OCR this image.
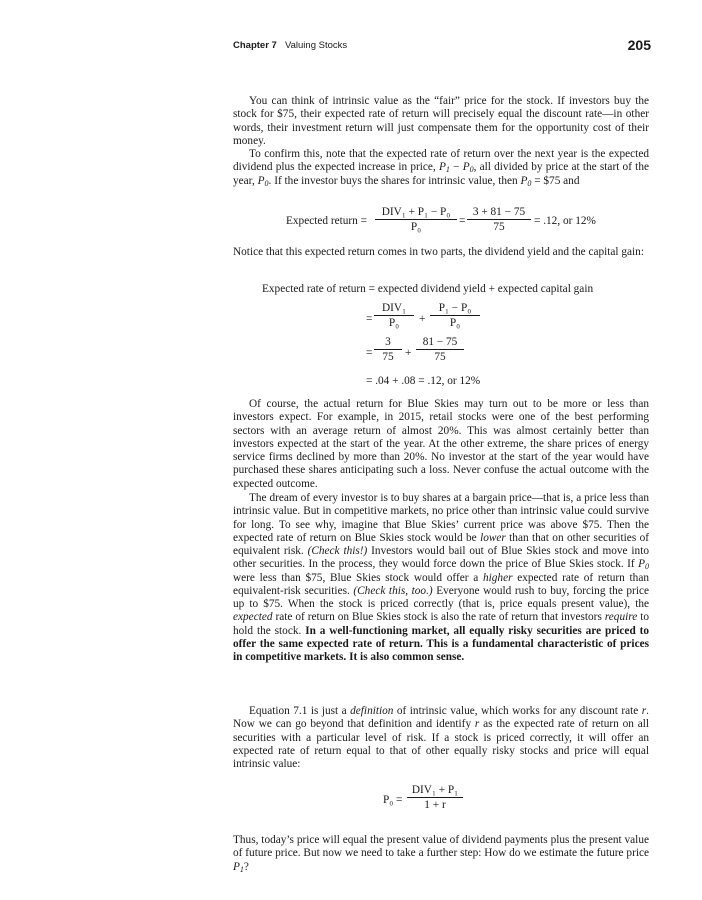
Chapter 7 Valuing Stocks	205

You can think of intrinsic value as the “fair” price for the stock. If investors buy the stock for $75, their expected rate of return will precisely equal the discount rate—in other words, their investment return will just compensate them for the opportunity cost of their money.

To confirm this, note that the expected rate of return over the next year is the expected dividend plus the expected increase in price, $P_1 - P_0$, all divided by price at the start of the year, $P_0$. If the investor buys the shares for intrinsic value, then $P_0$ = $75 and

Expected return =
DIV₁ + P₁ − P₀
P₀	= $\frac{3 + 81 - 75}{75} = .12$, or 12%

Notice that this expected return comes in two parts, the dividend yield and the capital gain:

Expected rate of return = expected dividend yield + expected capital gain
=
DIV₁
P₀	+ $\frac{\text{P₁ − P₀}}{\text{P₀}}$
= $\frac{3}{75} + \frac{81 - 75}{75}$
= .04 + .08 = .12, or 12%

Of course, the actual return for Blue Skies may turn out to be more or less than investors expect. For example, in 2015, retail stocks were one of the best performing sectors with an average return of almost 20%. This was almost certainly better than investors expected at the start of the year. At the other extreme, the share prices of energy service firms declined by more than 20%. No investor at the start of the year would have purchased these shares anticipating such a loss. Never confuse the actual outcome with the expected outcome.

The dream of every investor is to buy shares at a bargain price—that is, a price less than intrinsic value. But in competitive markets, no price other than intrinsic value could survive for long. To see why, imagine that Blue Skies’ current price was above $75. Then the expected rate of return on Blue Skies stock would be lower than that on other securities of equivalent risk. (Check this!) Investors would bail out of Blue Skies stock and move into other securities. In the process, they would force down the price of Blue Skies stock. If $P_0$ were less than $75, Blue Skies stock would offer a higher expected rate of return than equivalent-risk securities. (Check this, too.) Everyone would rush to buy, forcing the price up to $75. When the stock is priced correctly (that is, price equals present value), the expected rate of return on Blue Skies stock is also the rate of return that investors require to hold the stock. In a well-functioning market, all equally risky securities are priced to offer the same expected rate of return. This is a fundamental characteristic of prices in competitive markets. It is also common sense.

Equation 7.1 is just a definition of intrinsic value, which works for any discount rate r. Now we can go beyond that definition and identify r as the expected rate of return on all securities with a particular level of risk. If a stock is priced correctly, it will offer an expected rate of return equal to that of other equally risky stocks and price will equal intrinsic value:

P₀ =
DIV₁ + P₁
1 + r

Thus, today’s price will equal the present value of dividend payments plus the present value of future price. But now we need to take a further step: How do we estimate the future price $P_1$?
